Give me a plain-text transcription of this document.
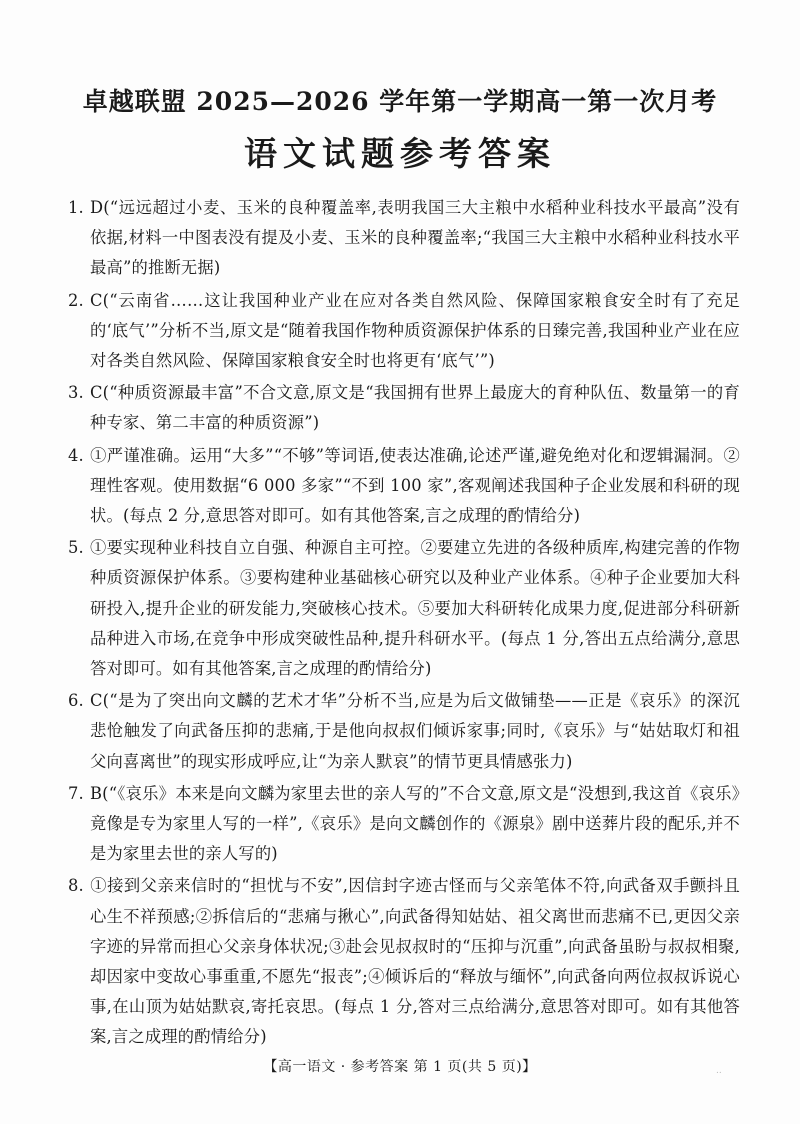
卓越联盟 2025—2026 学年第一学期高一第一次月考
语文试题参考答案
1. D(“远远超过小麦、玉米的良种覆盖率,表明我国三大主粮中水稻种业科技水平最高”没有依据,材料一中图表没有提及小麦、玉米的良种覆盖率;“我国三大主粮中水稻种业科技水平最高”的推断无据)
2. C(“云南省……这让我国种业产业在应对各类自然风险、保障国家粮食安全时有了充足的‘底气’”分析不当,原文是“随着我国作物种质资源保护体系的日臻完善,我国种业产业在应对各类自然风险、保障国家粮食安全时也将更有‘底气’”)
3. C(“种质资源最丰富”不合文意,原文是“我国拥有世界上最庞大的育种队伍、数量第一的育种专家、第二丰富的种质资源”)
4. ①严谨准确。运用“大多”“不够”等词语,使表达准确,论述严谨,避免绝对化和逻辑漏洞。②理性客观。使用数据“6 000 多家”“不到 100 家”,客观阐述我国种子企业发展和科研的现状。(每点 2 分,意思答对即可。如有其他答案,言之成理的酌情给分)
5. ①要实现种业科技自立自强、种源自主可控。②要建立先进的各级种质库,构建完善的作物种质资源保护体系。③要构建种业基础核心研究以及种业产业体系。④种子企业要加大科研投入,提升企业的研发能力,突破核心技术。⑤要加大科研转化成果力度,促进部分科研新品种进入市场,在竞争中形成突破性品种,提升科研水平。(每点 1 分,答出五点给满分,意思答对即可。如有其他答案,言之成理的酌情给分)
6. C(“是为了突出向文麟的艺术才华”分析不当,应是为后文做铺垫——正是《哀乐》的深沉悲怆触发了向武备压抑的悲痛,于是他向叔叔们倾诉家事;同时,《哀乐》与“姑姑取灯和祖父向喜离世”的现实形成呼应,让“为亲人默哀”的情节更具情感张力)
7. B(“《哀乐》本来是向文麟为家里去世的亲人写的”不合文意,原文是“没想到,我这首《哀乐》竟像是专为家里人写的一样”,《哀乐》是向文麟创作的《源泉》剧中送葬片段的配乐,并不是为家里去世的亲人写的)
8. ①接到父亲来信时的“担忧与不安”,因信封字迹古怪而与父亲笔体不符,向武备双手颤抖且心生不祥预感;②拆信后的“悲痛与揪心”,向武备得知姑姑、祖父离世而悲痛不已,更因父亲字迹的异常而担心父亲身体状况;③赴会见叔叔时的“压抑与沉重”,向武备虽盼与叔叔相聚,却因家中变故心事重重,不愿先“报丧”;④倾诉后的“释放与缅怀”,向武备向两位叔叔诉说心事,在山顶为姑姑默哀,寄托哀思。(每点 1 分,答对三点给满分,意思答对即可。如有其他答案,言之成理的酌情给分)
【高一语文 · 参考答案 第 1 页(共 5 页)】	..
